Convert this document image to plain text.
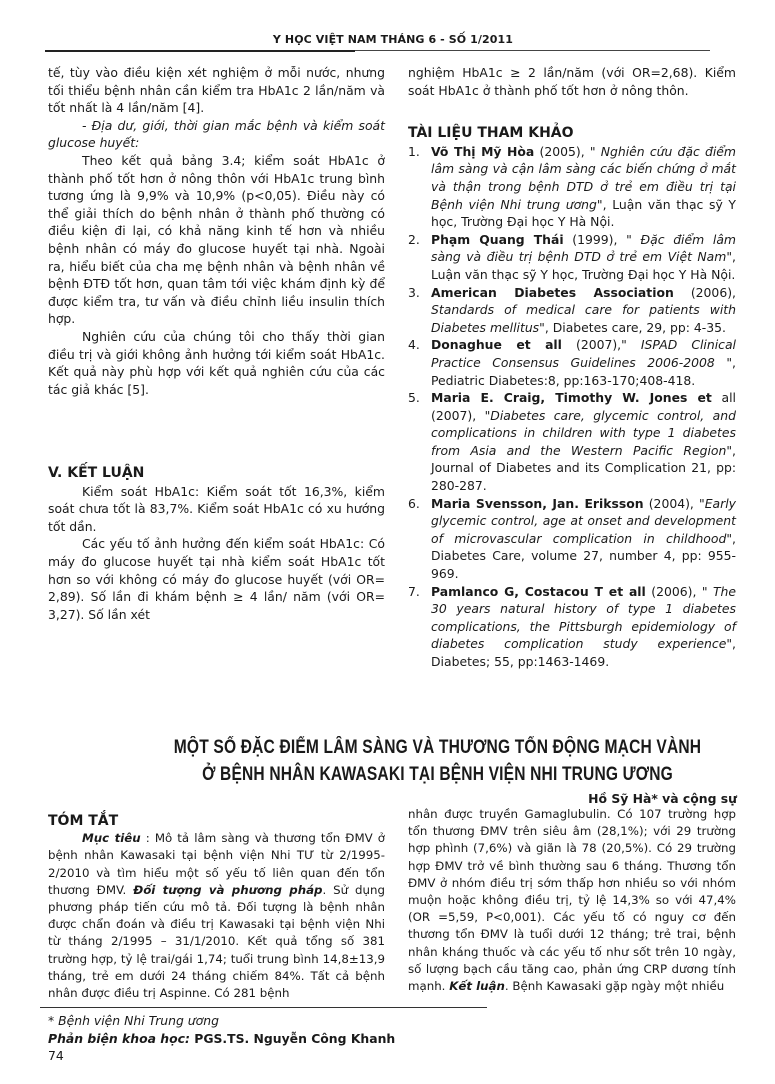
Y HỌC VIỆT NAM THÁNG 6 - SỐ 1/2011

tế, tùy vào điều kiện xét nghiệm ở mỗi nước, nhưng tối thiểu bệnh nhân cần kiểm tra HbA1c 2 lần/năm và tốt nhất là 4 lần/năm [4].

- Địa dư, giới, thời gian mắc bệnh và kiểm soát glucose huyết:

Theo kết quả bảng 3.4; kiểm soát HbA1c ở thành phố tốt hơn ở nông thôn với HbA1c trung bình tương ứng là 9,9% và 10,9% (p<0,05). Điều này có thể giải thích do bệnh nhân ở thành phố thường có điều kiện đi lại, có khả năng kinh tế hơn và nhiều bệnh nhân có máy đo glucose huyết tại nhà. Ngoài ra, hiểu biết của cha mẹ bệnh nhân và bệnh nhân về bệnh ĐTĐ tốt hơn, quan tâm tới việc khám định kỳ để được kiểm tra, tư vấn và điều chỉnh liều insulin thích hợp.

Nghiên cứu của chúng tôi cho thấy thời gian điều trị và giới không ảnh hưởng tới kiểm soát HbA1c. Kết quả này phù hợp với kết quả nghiên cứu của các tác giả khác [5].

V. KẾT LUẬN

Kiểm soát HbA1c: Kiểm soát tốt 16,3%, kiểm soát chưa tốt là 83,7%. Kiểm soát HbA1c có xu hướng tốt dần.

Các yếu tố ảnh hưởng đến kiểm soát HbA1c: Có máy đo glucose huyết tại nhà kiểm soát HbA1c tốt hơn so với không có máy đo glucose huyết (với OR= 2,89). Số lần đi khám bệnh ≥ 4 lần/ năm (với OR= 3,27). Số lần xét

nghiệm HbA1c ≥ 2 lần/năm (với OR=2,68). Kiểm soát HbA1c ở thành phố tốt hơn ở nông thôn.

TÀI LIỆU THAM KHẢO

1. Võ Thị Mỹ Hòa (2005), " Nghiên cứu đặc điểm lâm sàng và cận lâm sàng các biến chứng ở mắt và thận trong bệnh DTD ở trẻ em điều trị tại Bệnh viện Nhi trung ương", Luận văn thạc sỹ Y học, Trường Đại học Y Hà Nội.
2. Phạm Quang Thái (1999), " Đặc điểm lâm sàng và điều trị bệnh DTD ở trẻ em Việt Nam", Luận văn thạc sỹ Y học, Trường Đại học Y Hà Nội.
3. American Diabetes Association (2006), Standards of medical care for patients with Diabetes mellitus", Diabetes care, 29, pp: 4-35.
4. Donaghue et all (2007)," ISPAD Clinical Practice Consensus Guidelines 2006-2008 ", Pediatric Diabetes:8, pp:163-170;408-418.
5. Maria E. Craig, Timothy W. Jones et all (2007), "Diabetes care, glycemic control, and complications in children with type 1 diabetes from Asia and the Western Pacific Region", Journal of Diabetes and its Complication 21, pp: 280-287.
6. Maria Svensson, Jan. Eriksson (2004), "Early glycemic control, age at onset and development of microvascular complication in childhood", Diabetes Care, volume 27, number 4, pp: 955-969.
7. Pamlanco G, Costacou T et all (2006), " The 30 years natural history of type 1 diabetes complications, the Pittsburgh epidemiology of diabetes complication study experience", Diabetes; 55, pp:1463-1469.
MỘT SỐ ĐẶC ĐIỂM LÂM SÀNG VÀ THƯƠNG TỔN ĐỘNG MẠCH VÀNH
Ở BỆNH NHÂN KAWASAKI TẠI BỆNH VIỆN NHI TRUNG ƯƠNG
Hồ Sỹ Hà* và cộng sự

TÓM TẮT

Mục tiêu : Mô tả lâm sàng và thương tổn ĐMV ở bệnh nhân Kawasaki tại bệnh viện Nhi TƯ từ 2/1995-2/2010 và tìm hiểu một số yếu tố liên quan đến tổn thương ĐMV. Đối tượng và phương pháp. Sử dụng phương pháp tiến cứu mô tả. Đối tượng là bệnh nhân được chẩn đoán và điều trị Kawasaki tại bệnh viện Nhi từ tháng 2/1995 – 31/1/2010. Kết quả tổng số 381 trường hợp, tỷ lệ trai/gái 1,74; tuổi trung bình 14,8±13,9 tháng, trẻ em dưới 24 tháng chiếm 84%. Tất cả bệnh nhân được điều trị Aspinne. Có 281 bệnh

nhân được truyền Gamaglubulin. Có 107 trường hợp tổn thương ĐMV trên siêu âm (28,1%); với 29 trường hợp phình (7,6%) và giãn là 78 (20,5%). Có 29 trường hợp ĐMV trở về bình thường sau 6 tháng. Thương tổn ĐMV ở nhóm điều trị sớm thấp hơn nhiều so với nhóm muộn hoặc không điều trị, tỷ lệ 14,3% so với 47,4% (OR =5,59, P<0,001). Các yếu tố có nguy cơ đến thương tổn ĐMV là tuổi dưới 12 tháng; trẻ trai, bệnh nhân kháng thuốc và các yếu tố như sốt trên 10 ngày, số lượng bạch cầu tăng cao, phản ứng CRP dương tính mạnh. Kết luận. Bệnh Kawasaki gặp ngày một nhiều

* Bệnh viện Nhi Trung ương
Phản biện khoa học: PGS.TS. Nguyễn Công Khanh
74
